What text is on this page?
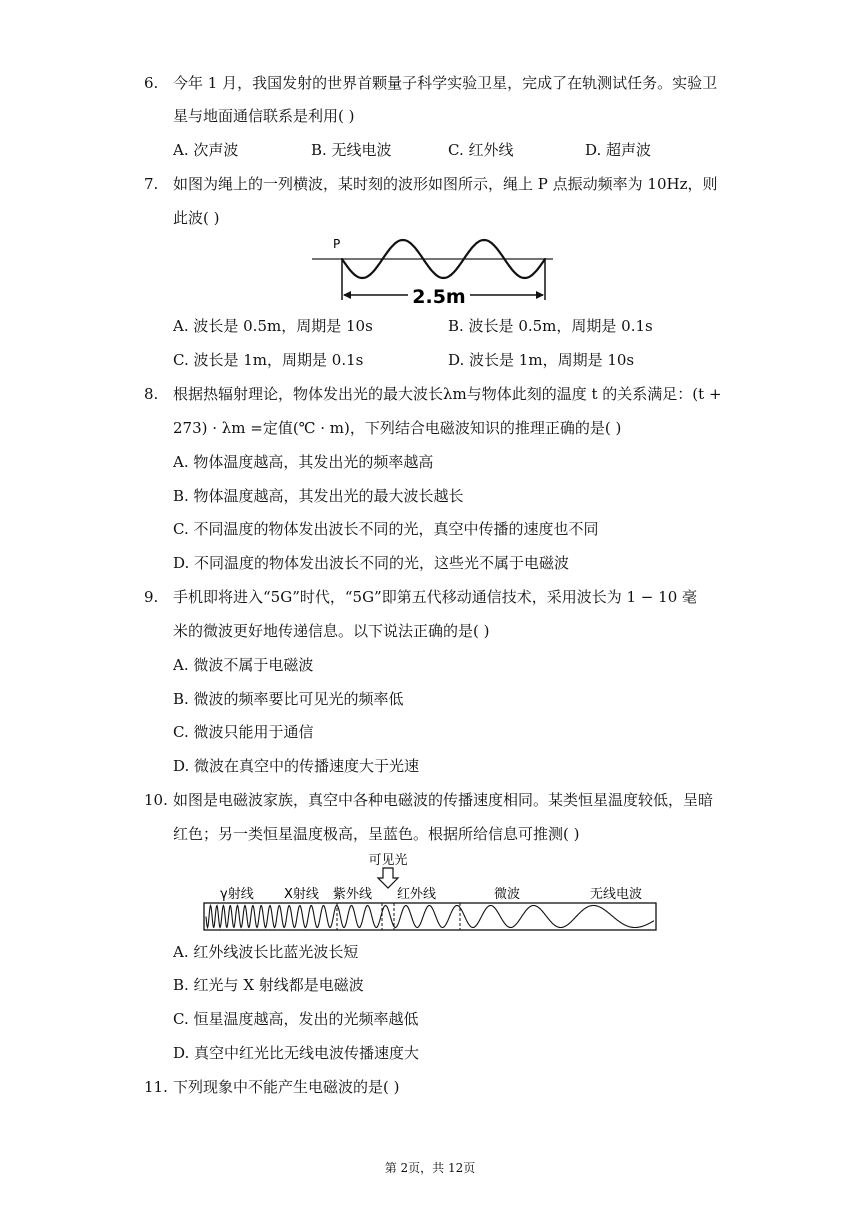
6. 今年 1 月，我国发射的世界首颗量子科学实验卫星，完成了在轨测试任务。实验卫
星与地面通信联系是利用( )
A. 次声波	B. 无线电波	C. 红外线	D. 超声波
7. 如图为绳上的一列横波，某时刻的波形如图所示，绳上 P 点振动频率为 10Hz，则
此波( )
P
2.5m
A. 波长是 0.5m，周期是 10s	B. 波长是 0.5m，周期是 0.1s
C. 波长是 1m，周期是 0.1s	D. 波长是 1m，周期是 10s
8. 根据热辐射理论，物体发出光的最大波长λm与物体此刻的温度 t 的关系满足：(t +
273) · λm =定值(℃ · m)，下列结合电磁波知识的推理正确的是( )
A. 物体温度越高，其发出光的频率越高
B. 物体温度越高，其发出光的最大波长越长
C. 不同温度的物体发出波长不同的光，真空中传播的速度也不同
D. 不同温度的物体发出波长不同的光，这些光不属于电磁波
9. 手机即将进入“5G”时代，“5G”即第五代移动通信技术，采用波长为 1 − 10 毫
米的微波更好地传递信息。以下说法正确的是( )
A. 微波不属于电磁波
B. 微波的频率要比可见光的频率低
C. 微波只能用于通信
D. 微波在真空中的传播速度大于光速
10. 如图是电磁波家族，真空中各种电磁波的传播速度相同。某类恒星温度较低，呈暗
红色；另一类恒星温度极高，呈蓝色。根据所给信息可推测( )
可见光
γ射线 X射线 紫外线 红外线	微波	无线电波
A. 红外线波长比蓝光波长短
B. 红光与 X 射线都是电磁波
C. 恒星温度越高，发出的光频率越低
D. 真空中红光比无线电波传播速度大
11. 下列现象中不能产生电磁波的是( )
第 2页，共 12页
